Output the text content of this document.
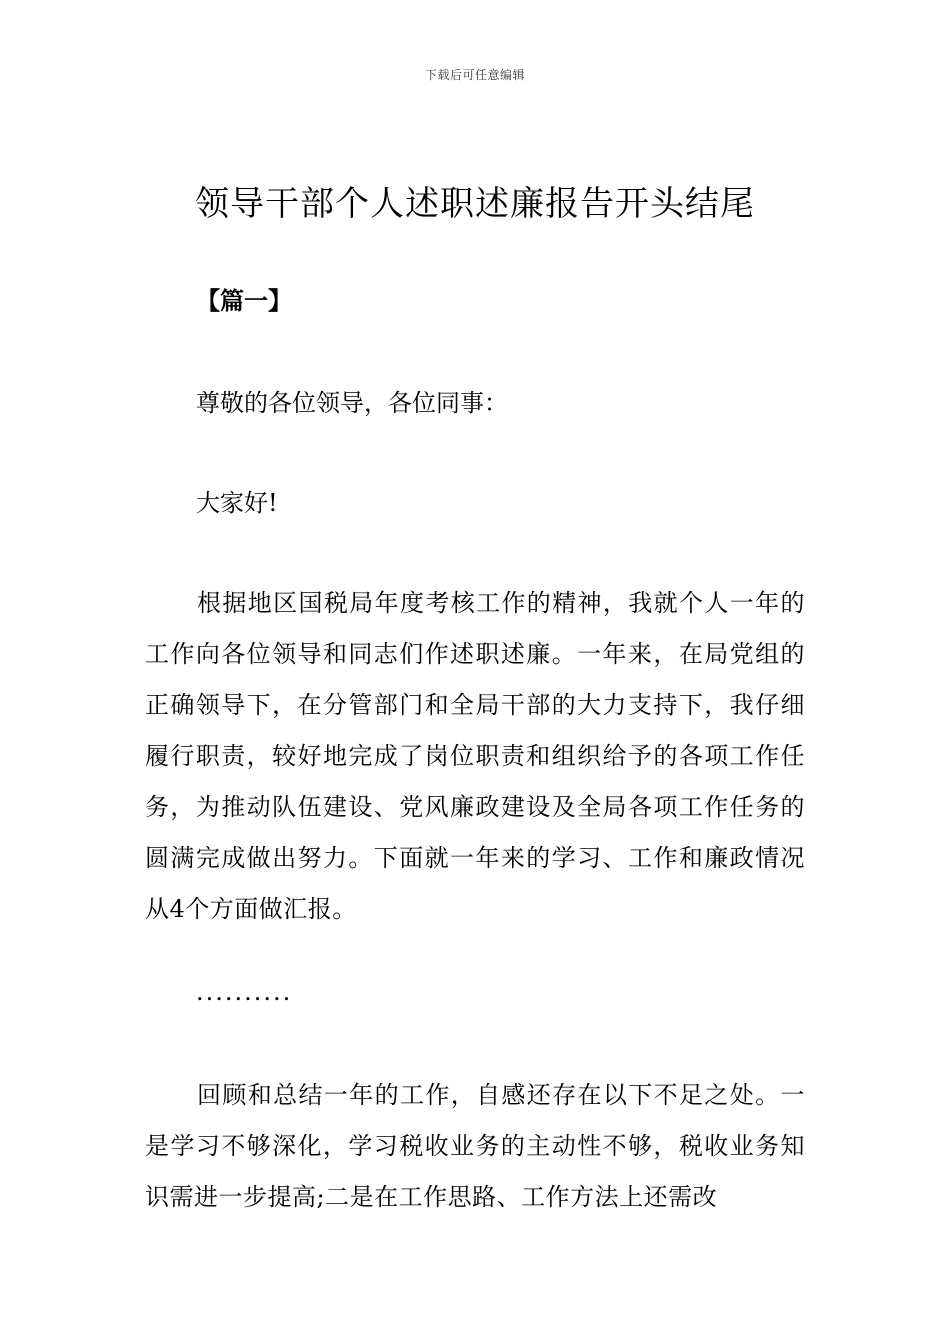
下载后可任意编辑
领导干部个人述职述廉报告开头结尾
【篇一】
尊敬的各位领导，各位同事：
大家好!

根据地区国税局年度考核工作的精神，我就个人一年的工作向各位领导和同志们作述职述廉。一年来，在局党组的正确领导下，在分管部门和全局干部的大力支持下，我仔细履行职责，较好地完成了岗位职责和组织给予的各项工作任务，为推动队伍建设、党风廉政建设及全局各项工作任务的圆满完成做出努力。下面就一年来的学习、工作和廉政情况从4个方面做汇报。

..........

回顾和总结一年的工作，自感还存在以下不足之处。一是学习不够深化，学习税收业务的主动性不够，税收业务知识需进一步提高;二是在工作思路、工作方法上还需改
